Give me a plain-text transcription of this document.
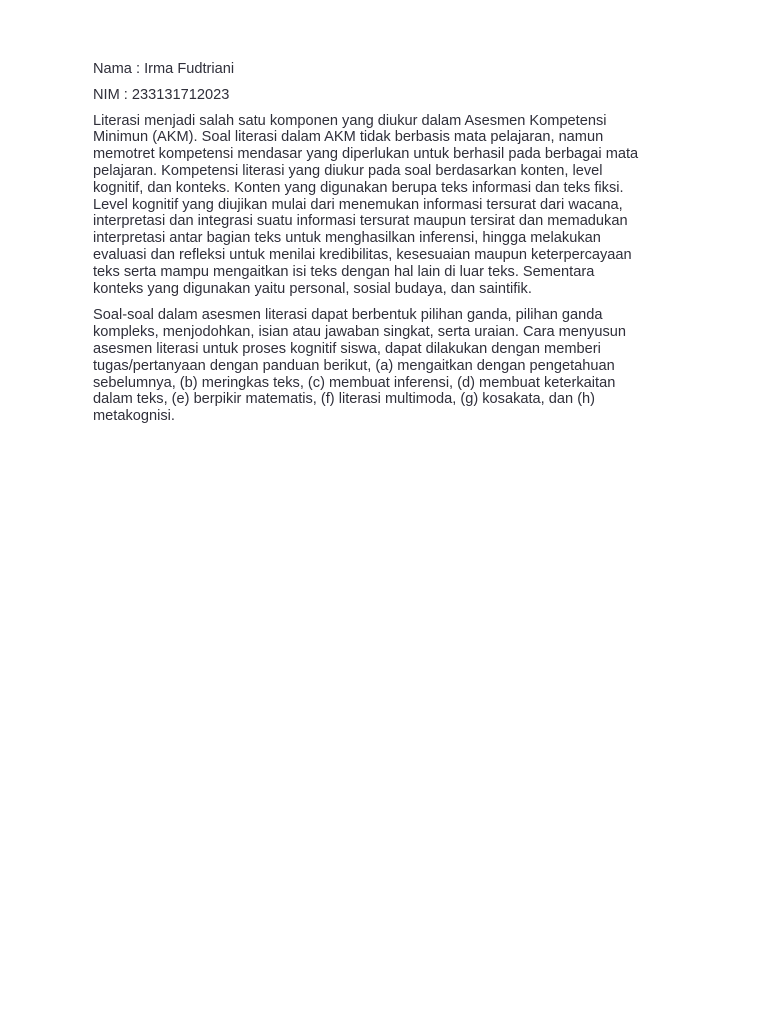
Nama : Irma Fudtriani

NIM : 233131712023

Literasi menjadi salah satu komponen yang diukur dalam Asesmen Kompetensi
Minimun (AKM). Soal literasi dalam AKM tidak berbasis mata pelajaran, namun
memotret kompetensi mendasar yang diperlukan untuk berhasil pada berbagai mata
pelajaran. Kompetensi literasi yang diukur pada soal berdasarkan konten, level
kognitif, dan konteks. Konten yang digunakan berupa teks informasi dan teks fiksi.
Level kognitif yang diujikan mulai dari menemukan informasi tersurat dari wacana,
interpretasi dan integrasi suatu informasi tersurat maupun tersirat dan memadukan
interpretasi antar bagian teks untuk menghasilkan inferensi, hingga melakukan
evaluasi dan refleksi untuk menilai kredibilitas, kesesuaian maupun keterpercayaan
teks serta mampu mengaitkan isi teks dengan hal lain di luar teks. Sementara
konteks yang digunakan yaitu personal, sosial budaya, dan saintifik.

Soal-soal dalam asesmen literasi dapat berbentuk pilihan ganda, pilihan ganda
kompleks, menjodohkan, isian atau jawaban singkat, serta uraian. Cara menyusun
asesmen literasi untuk proses kognitif siswa, dapat dilakukan dengan memberi
tugas/pertanyaan dengan panduan berikut, (a) mengaitkan dengan pengetahuan
sebelumnya, (b) meringkas teks, (c) membuat inferensi, (d) membuat keterkaitan
dalam teks, (e) berpikir matematis, (f) literasi multimoda, (g) kosakata, dan (h)
metakognisi.
